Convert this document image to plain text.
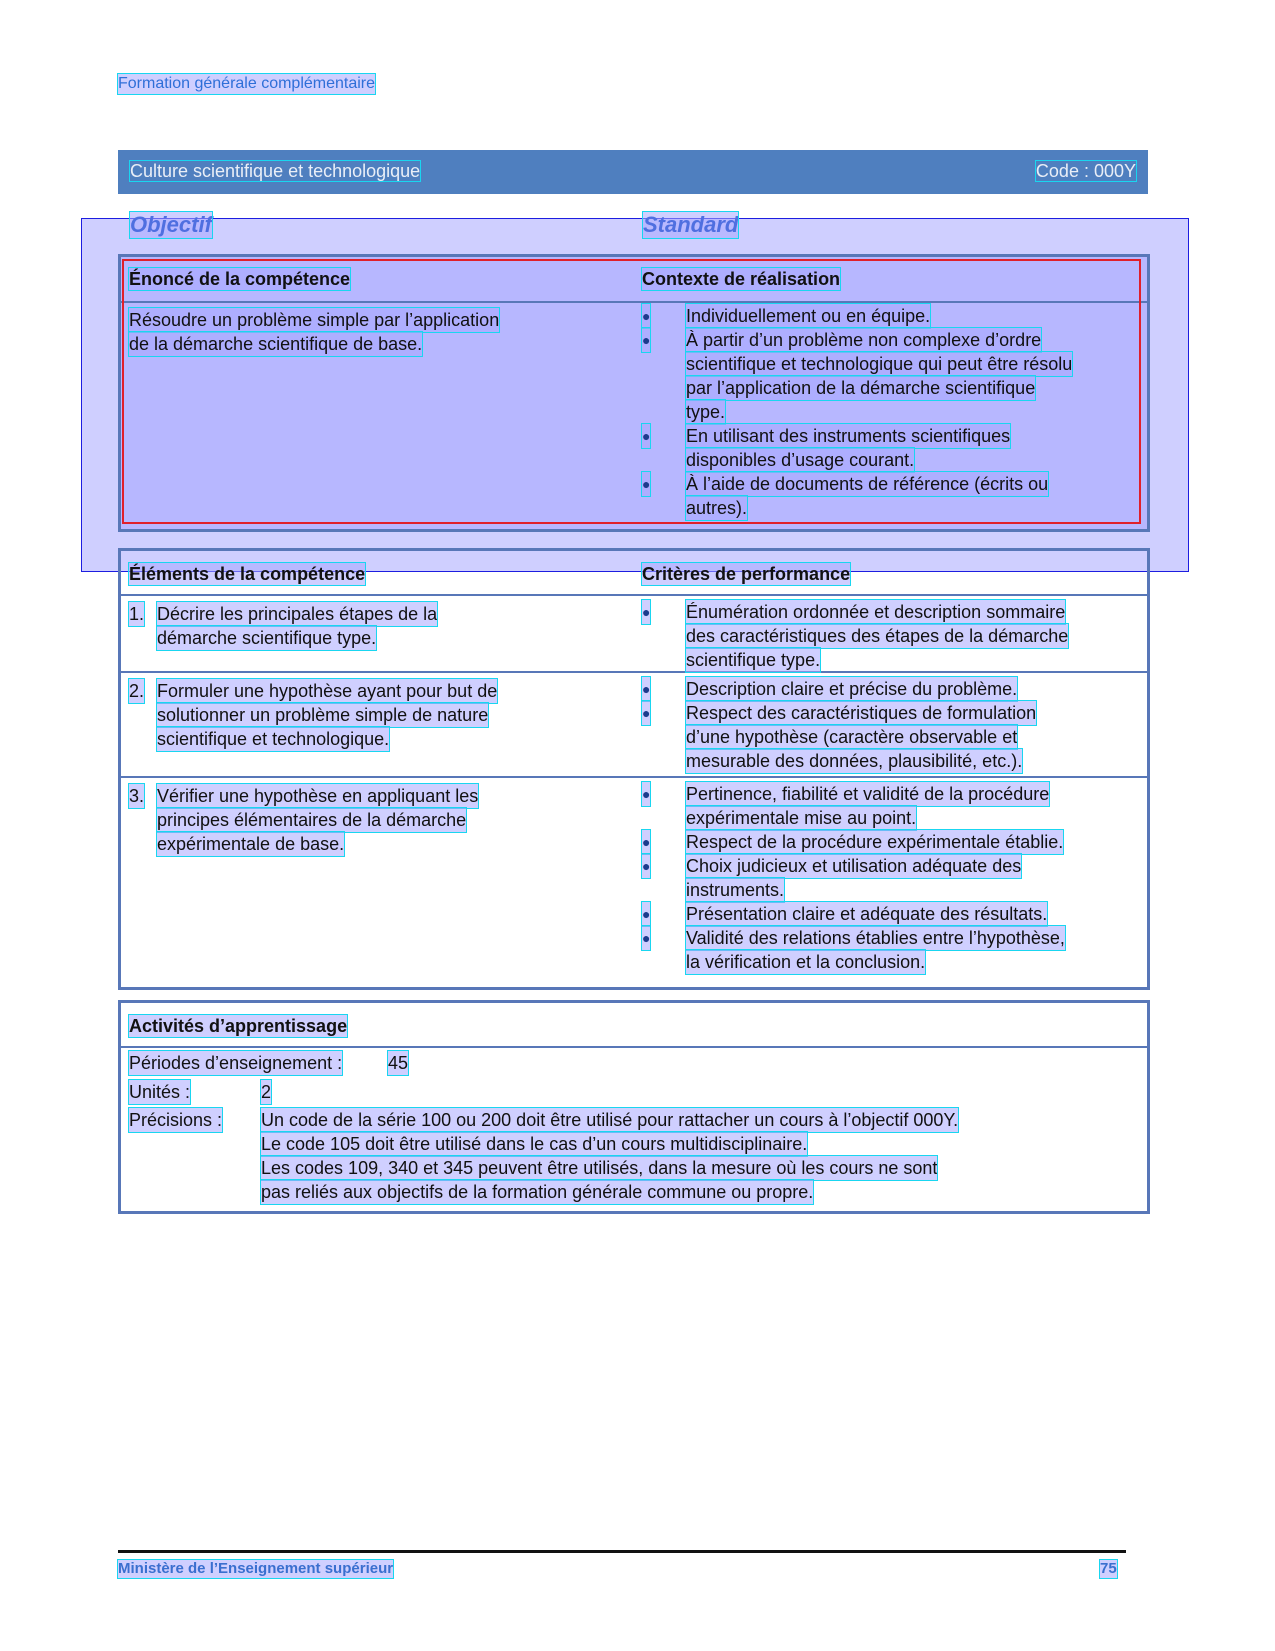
Formation générale complémentaire
Culture scientifique et technologique	Code : 000Y
Objectif	Standard
Énoncé de la compétence	Contexte de réalisation
Résoudre un problème simple par l’application
de la démarche scientifique de base.
● Individuellement ou en équipe.
● À partir d’un problème non complexe d’ordre
scientifique et technologique qui peut être résolu
par l’application de la démarche scientifique
type.
● En utilisant des instruments scientifiques
disponibles d’usage courant.
● À l’aide de documents de référence (écrits ou
autres).
Éléments de la compétence	Critères de performance
1. Décrire les principales étapes de la
démarche scientifique type.
● Énumération ordonnée et description sommaire
des caractéristiques des étapes de la démarche
scientifique type.
2. Formuler une hypothèse ayant pour but de
solutionner un problème simple de nature
scientifique et technologique.
● Description claire et précise du problème.
● Respect des caractéristiques de formulation
d’une hypothèse (caractère observable et
mesurable des données, plausibilité, etc.).
3. Vérifier une hypothèse en appliquant les
principes élémentaires de la démarche
expérimentale de base.
● Pertinence, fiabilité et validité de la procédure
expérimentale mise au point.
● Respect de la procédure expérimentale établie.
● Choix judicieux et utilisation adéquate des
instruments.
● Présentation claire et adéquate des résultats.
● Validité des relations établies entre l’hypothèse,
la vérification et la conclusion.
Activités d’apprentissage
Périodes d’enseignement :	45
Unités :	2
Précisions : Un code de la série 100 ou 200 doit être utilisé pour rattacher un cours à l’objectif 000Y.
Le code 105 doit être utilisé dans le cas d’un cours multidisciplinaire.
Les codes 109, 340 et 345 peuvent être utilisés, dans la mesure où les cours ne sont
pas reliés aux objectifs de la formation générale commune ou propre.
Ministère de l’Enseignement supérieur	75
